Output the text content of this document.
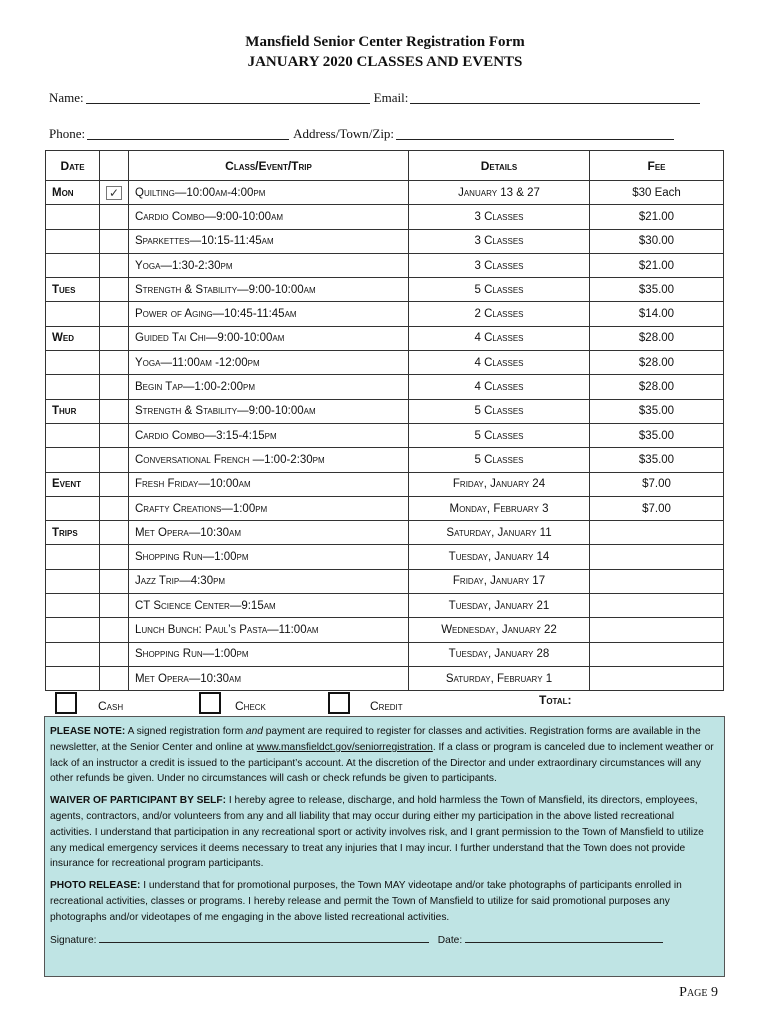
Mansfield Senior Center Registration Form
JANUARY 2020 CLASSES AND EVENTS
Name:	Email:
Phone:	Address/Town/Zip:
Date		Class/Event/Trip	Details	Fee
Mon	✓	Quilting—10:00am-4:00pm	January 13 & 27	$30 Each
		Cardio Combo—9:00-10:00am	3 Classes	$21.00
		Sparkettes—10:15-11:45am	3 Classes	$30.00
		Yoga—1:30-2:30pm	3 Classes	$21.00
Tues		Strength & Stability—9:00-10:00am	5 Classes	$35.00
		Power of Aging—10:45-11:45am	2 Classes	$14.00
Wed		Guided Tai Chi—9:00-10:00am	4 Classes	$28.00
		Yoga—11:00am -12:00pm	4 Classes	$28.00
		Begin Tap—1:00-2:00pm	4 Classes	$28.00
Thur		Strength & Stability—9:00-10:00am	5 Classes	$35.00
		Cardio Combo—3:15-4:15pm	5 Classes	$35.00
		Conversational French —1:00-2:30pm	5 Classes	$35.00
Event		Fresh Friday—10:00am	Friday, January 24	$7.00
		Crafty Creations—1:00pm	Monday, February 3	$7.00
Trips		Met Opera—10:30am	Saturday, January 11	
		Shopping Run—1:00pm	Tuesday, January 14	
		Jazz Trip—4:30pm	Friday, January 17	
		CT Science Center—9:15am	Tuesday, January 21	
		Lunch Bunch: Paul’s Pasta—11:00am	Wednesday, January 22	
		Shopping Run—1:00pm	Tuesday, January 28	
		Met Opera—10:30am	Saturday, February 1	
Cash	Check	Credit	Total:

PLEASE NOTE: A signed registration form and payment are required to register for classes and activities. Registration forms are available in the newsletter, at the Senior Center and online at www.mansfieldct.gov/seniorregistration. If a class or program is canceled due to inclement weather or lack of an instructor a credit is issued to the participant’s account. At the discretion of the Director and under extraordinary circumstances will any other refunds be given. Under no circumstances will cash or check refunds be given to participants.

WAIVER OF PARTICIPANT BY SELF: I hereby agree to release, discharge, and hold harmless the Town of Mansfield, its directors, employees, agents, contractors, and/or volunteers from any and all liability that may occur during either my participation in the above listed recreational activities. I understand that participation in any recreational sport or activity involves risk, and I grant permission to the Town of Mansfield to utilize any medical emergency services it deems necessary to treat any injuries that I may incur. I further understand that the Town does not provide insurance for recreational program participants.

PHOTO RELEASE: I understand that for promotional purposes, the Town MAY videotape and/or take photographs of participants enrolled in recreational activities, classes or programs. I hereby release and permit the Town of Mansfield to utilize for said promotional purposes any photographs and/or videotapes of me engaging in the above listed recreational activities.

Signature:	Date:

Page 9
